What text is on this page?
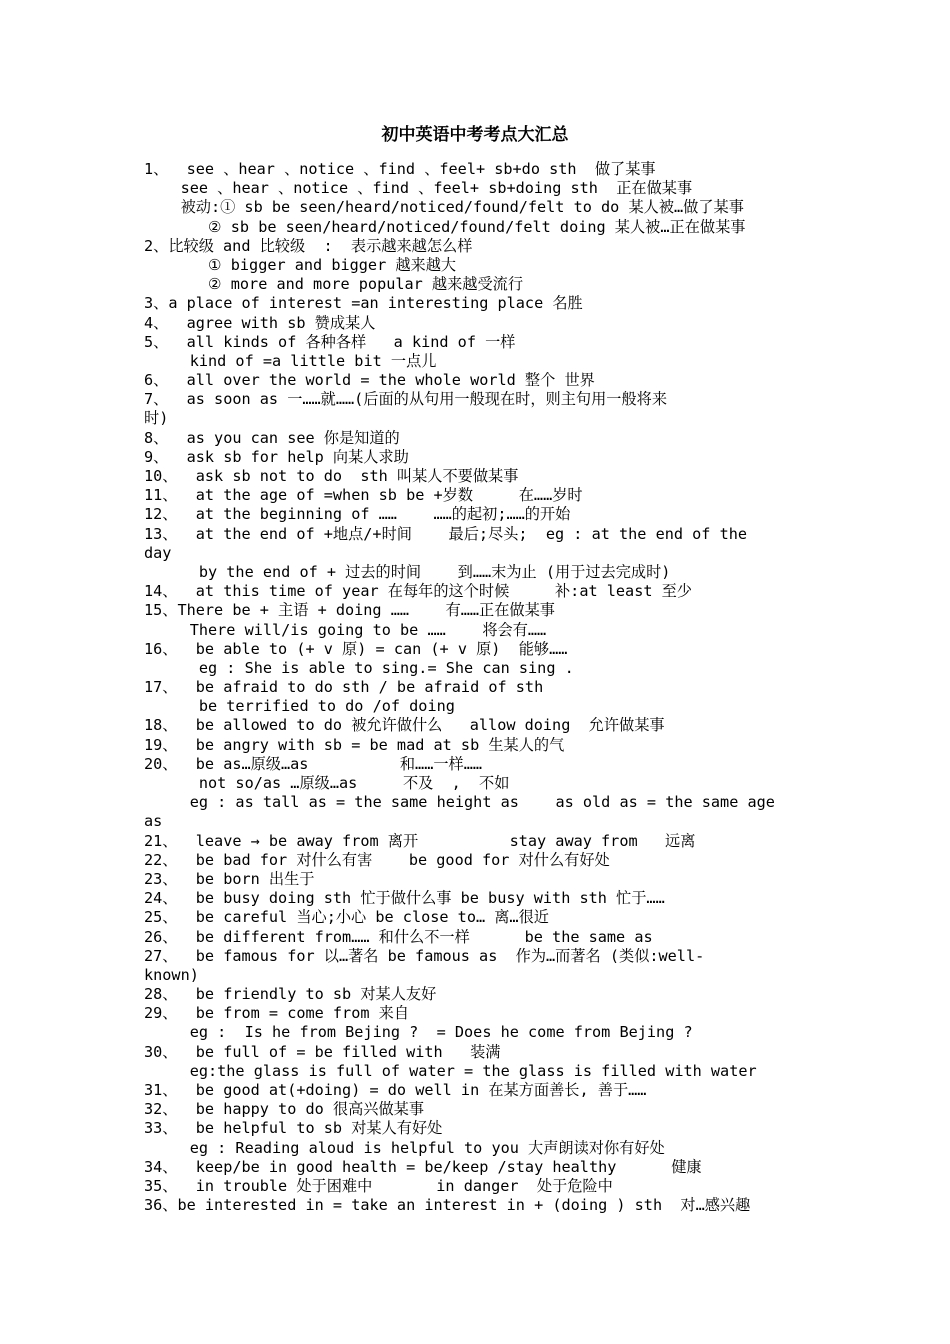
初中英语中考考点大汇总
1、  see 、hear 、notice 、find 、feel+ sb+do sth  做了某事
see 、hear 、notice 、find 、feel+ sb+doing sth  正在做某事
被动:① sb be seen/heard/noticed/found/felt to do 某人被…做了某事
② sb be seen/heard/noticed/found/felt doing 某人被…正在做某事
2、比较级 and 比较级  :  表示越来越怎么样
① bigger and bigger 越来越大
② more and more popular 越来越受流行
3、a place of interest =an interesting place 名胜
4、  agree with sb 赞成某人
5、  all kinds of 各种各样   a kind of 一样
kind of =a little bit 一点儿
6、  all over the world = the whole world 整个 世界
7、  as soon as 一……就……(后面的从句用一般现在时，则主句用一般将来
时)
8、  as you can see 你是知道的
9、  ask sb for help 向某人求助
10、  ask sb not to do  sth 叫某人不要做某事
11、  at the age of =when sb be +岁数     在……岁时
12、  at the beginning of ……    ……的起初;……的开始
13、  at the end of +地点/+时间    最后;尽头;  eg : at the end of the
day
by the end of + 过去的时间    到……末为止 (用于过去完成时)
14、  at this time of year 在每年的这个时候     补:at least 至少
15、There be + 主语 + doing ……    有……正在做某事
There will/is going to be ……    将会有……
16、  be able to (+ v 原) = can (+ v 原)  能够……
eg : She is able to sing.= She can sing .
17、  be afraid to do sth / be afraid of sth
be terrified to do /of doing
18、  be allowed to do 被允许做什么   allow doing  允许做某事
19、  be angry with sb = be mad at sb 生某人的气
20、  be as…原级…as          和……一样……
not so/as …原级…as     不及  ,  不如
eg : as tall as = the same height as    as old as = the same age
as
21、  leave → be away from 离开          stay away from   远离
22、  be bad for 对什么有害    be good for 对什么有好处
23、  be born 出生于
24、  be busy doing sth 忙于做什么事 be busy with sth 忙于……
25、  be careful 当心;小心 be close to… 离…很近
26、  be different from…… 和什么不一样      be the same as
27、  be famous for 以…著名 be famous as  作为…而著名 (类似:well-
known)
28、  be friendly to sb 对某人友好
29、  be from = come from 来自
eg :  Is he from Bejing ?  = Does he come from Bejing ?
30、  be full of = be filled with   装满
eg:the glass is full of water = the glass is filled with water
31、  be good at(+doing) = do well in 在某方面善长, 善于……
32、  be happy to do 很高兴做某事
33、  be helpful to sb 对某人有好处
eg : Reading aloud is helpful to you 大声朗读对你有好处
34、  keep/be in good health = be/keep /stay healthy      健康
35、  in trouble 处于困难中       in danger  处于危险中
36、be interested in = take an interest in + (doing ) sth  对…感兴趣
